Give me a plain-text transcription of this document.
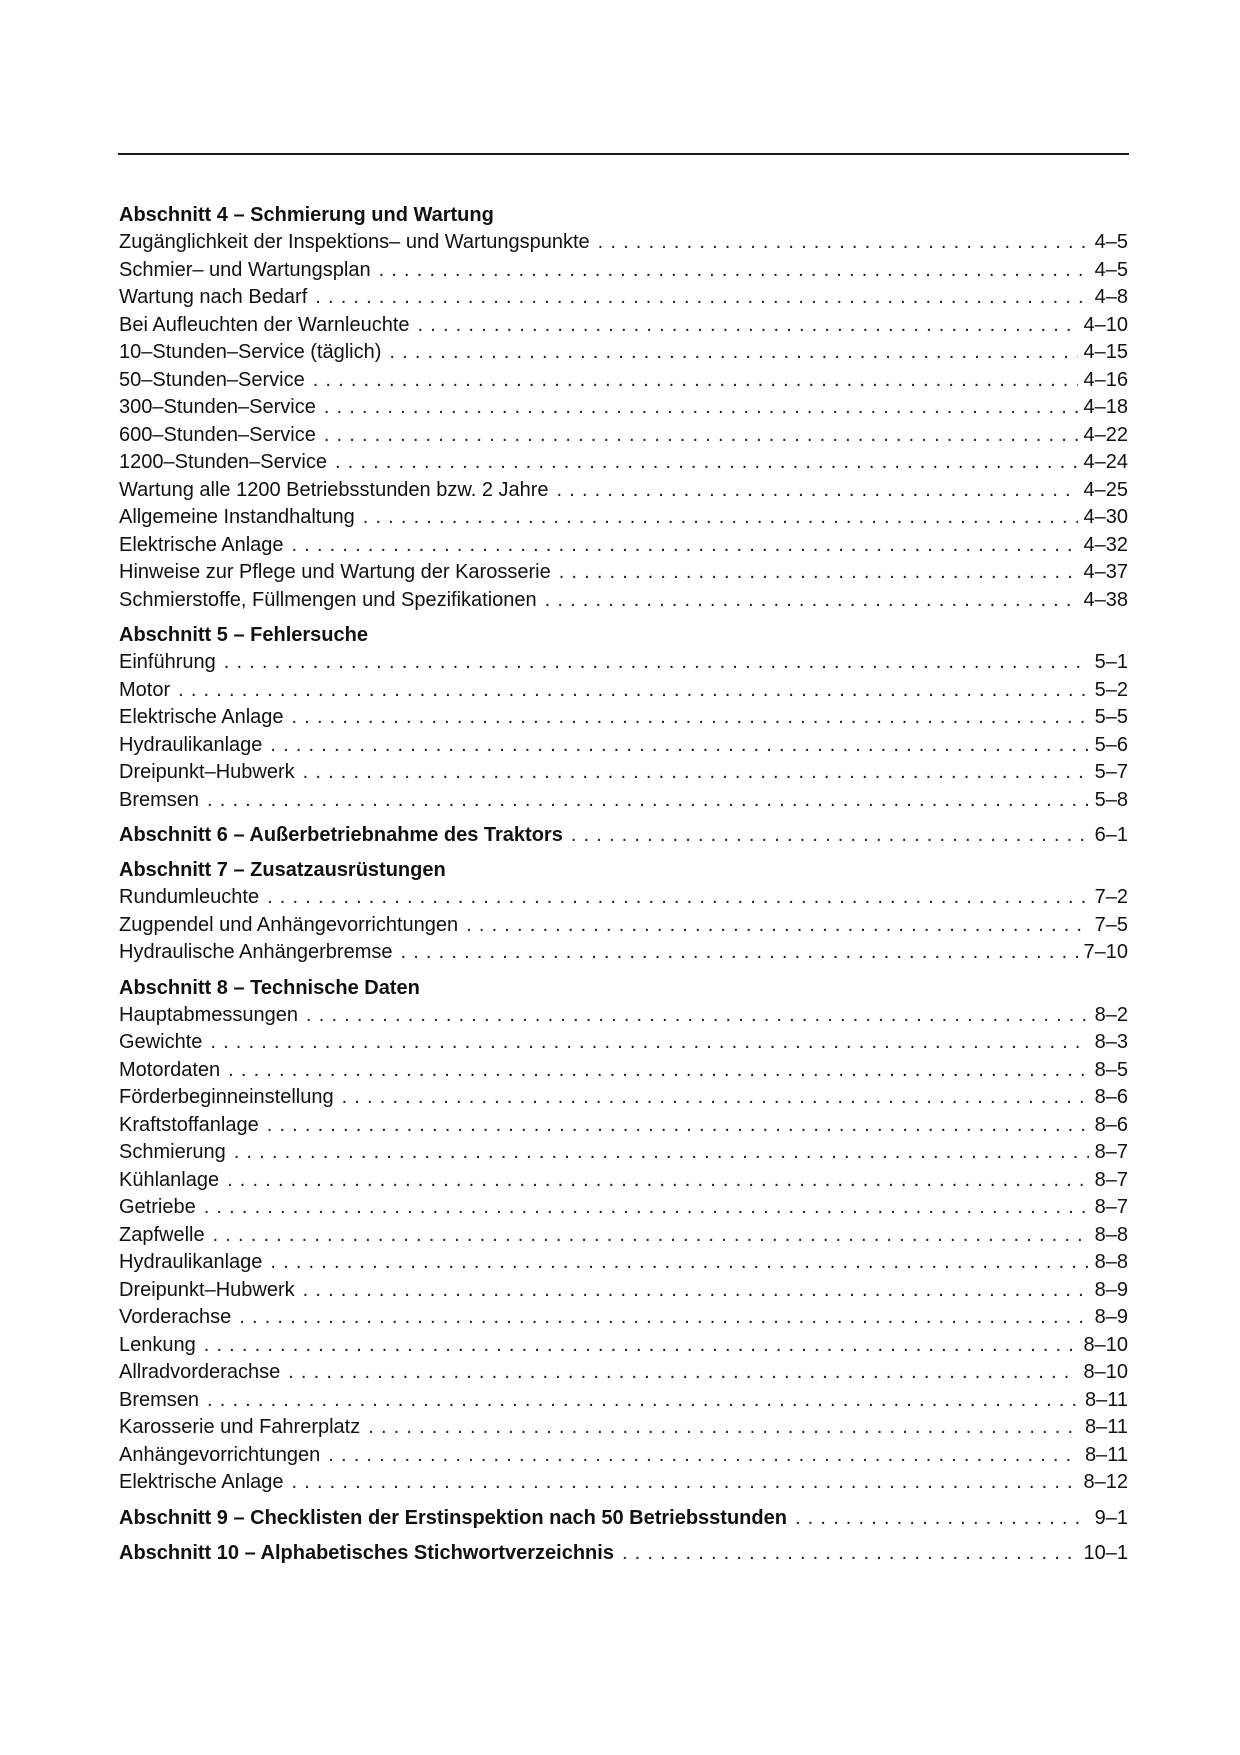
Abschnitt 4 – Schmierung und Wartung
Zugänglichkeit der Inspektions– und Wartungspunkte . . .	4–5
Schmier– und Wartungsplan . . .	4–5
Wartung nach Bedarf . . .	4–8
Bei Aufleuchten der Warnleuchte . . .	4–10
10–Stunden–Service (täglich) . . .	4–15
50–Stunden–Service . . .	4–16
300–Stunden–Service . . .	4–18
600–Stunden–Service . . .	4–22
1200–Stunden–Service . . .	4–24
Wartung alle 1200 Betriebsstunden bzw. 2 Jahre . . .	4–25
Allgemeine Instandhaltung . . .	4–30
Elektrische Anlage . . .	4–32
Hinweise zur Pflege und Wartung der Karosserie . . .	4–37
Schmierstoffe, Füllmengen und Spezifikationen . . .	4–38
Abschnitt 5 – Fehlersuche
Einführung . . .	5–1
Motor . . .	5–2
Elektrische Anlage . . .	5–5
Hydraulikanlage . . .	5–6
Dreipunkt–Hubwerk . . .	5–7
Bremsen . . .	5–8
Abschnitt 6 – Außerbetriebnahme des Traktors . . .	6–1
Abschnitt 7 – Zusatzausrüstungen
Rundumleuchte . . .	7–2
Zugpendel und Anhängevorrichtungen . . .	7–5
Hydraulische Anhängerbremse . . .	7–10
Abschnitt 8 – Technische Daten
Hauptabmessungen . . .	8–2
Gewichte . . .	8–3
Motordaten . . .	8–5
Förderbeginneinstellung . . .	8–6
Kraftstoffanlage . . .	8–6
Schmierung . . .	8–7
Kühlanlage . . .	8–7
Getriebe . . .	8–7
Zapfwelle . . .	8–8
Hydraulikanlage . . .	8–8
Dreipunkt–Hubwerk . . .	8–9
Vorderachse . . .	8–9
Lenkung . . .	8–10
Allradvorderachse . . .	8–10
Bremsen . . .	8–11
Karosserie und Fahrerplatz . . .	8–11
Anhängevorrichtungen . . .	8–11
Elektrische Anlage . . .	8–12
Abschnitt 9 – Checklisten der Erstinspektion nach 50 Betriebsstunden . . .	9–1
Abschnitt 10 – Alphabetisches Stichwortverzeichnis . . .	10–1
